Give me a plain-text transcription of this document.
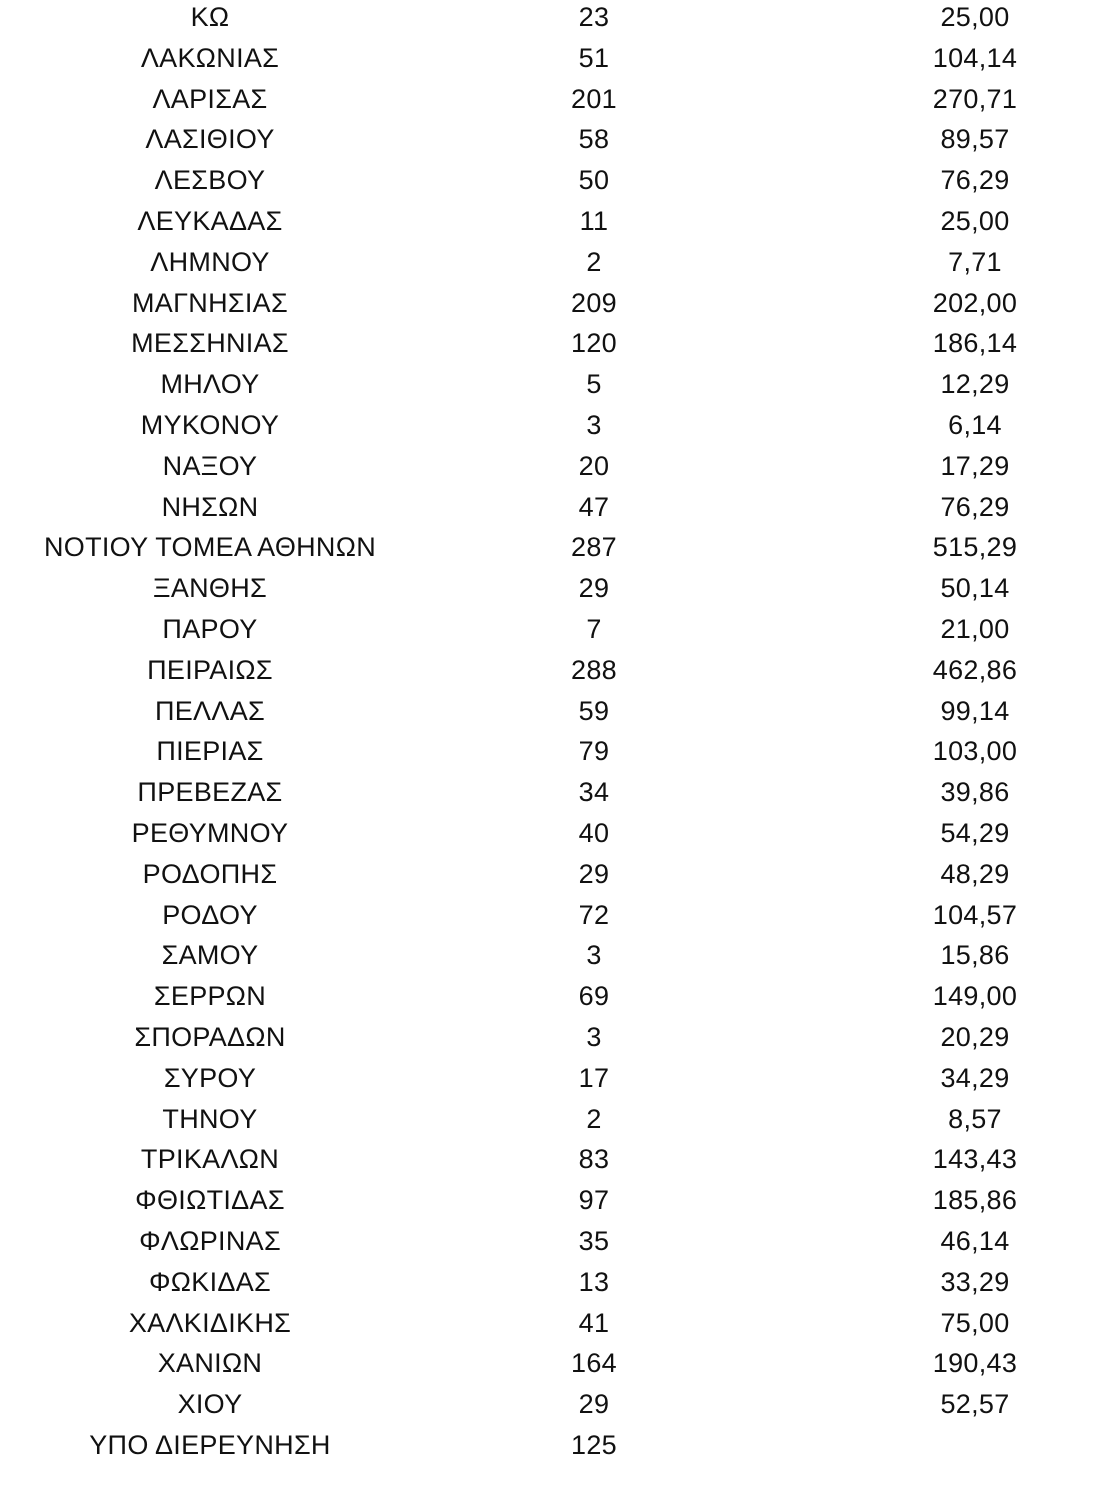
ΚΩ	23	25,00
ΛΑΚΩΝΙΑΣ	51	104,14
ΛΑΡΙΣΑΣ	201	270,71
ΛΑΣΙΘΙΟΥ	58	89,57
ΛΕΣΒΟΥ	50	76,29
ΛΕΥΚΑΔΑΣ	11	25,00
ΛΗΜΝΟΥ	2	7,71
ΜΑΓΝΗΣΙΑΣ	209	202,00
ΜΕΣΣΗΝΙΑΣ	120	186,14
ΜΗΛΟΥ	5	12,29
ΜΥΚΟΝΟΥ	3	6,14
ΝΑΞΟΥ	20	17,29
ΝΗΣΩΝ	47	76,29
ΝΟΤΙΟΥ ΤΟΜΕΑ ΑΘΗΝΩΝ	287	515,29
ΞΑΝΘΗΣ	29	50,14
ΠΑΡΟΥ	7	21,00
ΠΕΙΡΑΙΩΣ	288	462,86
ΠΕΛΛΑΣ	59	99,14
ΠΙΕΡΙΑΣ	79	103,00
ΠΡΕΒΕΖΑΣ	34	39,86
ΡΕΘΥΜΝΟΥ	40	54,29
ΡΟΔΟΠΗΣ	29	48,29
ΡΟΔΟΥ	72	104,57
ΣΑΜΟΥ	3	15,86
ΣΕΡΡΩΝ	69	149,00
ΣΠΟΡΑΔΩΝ	3	20,29
ΣΥΡΟΥ	17	34,29
ΤΗΝΟΥ	2	8,57
ΤΡΙΚΑΛΩΝ	83	143,43
ΦΘΙΩΤΙΔΑΣ	97	185,86
ΦΛΩΡΙΝΑΣ	35	46,14
ΦΩΚΙΔΑΣ	13	33,29
ΧΑΛΚΙΔΙΚΗΣ	41	75,00
ΧΑΝΙΩΝ	164	190,43
ΧΙΟΥ	29	52,57
ΥΠΟ ΔΙΕΡΕΥΝΗΣΗ	125
